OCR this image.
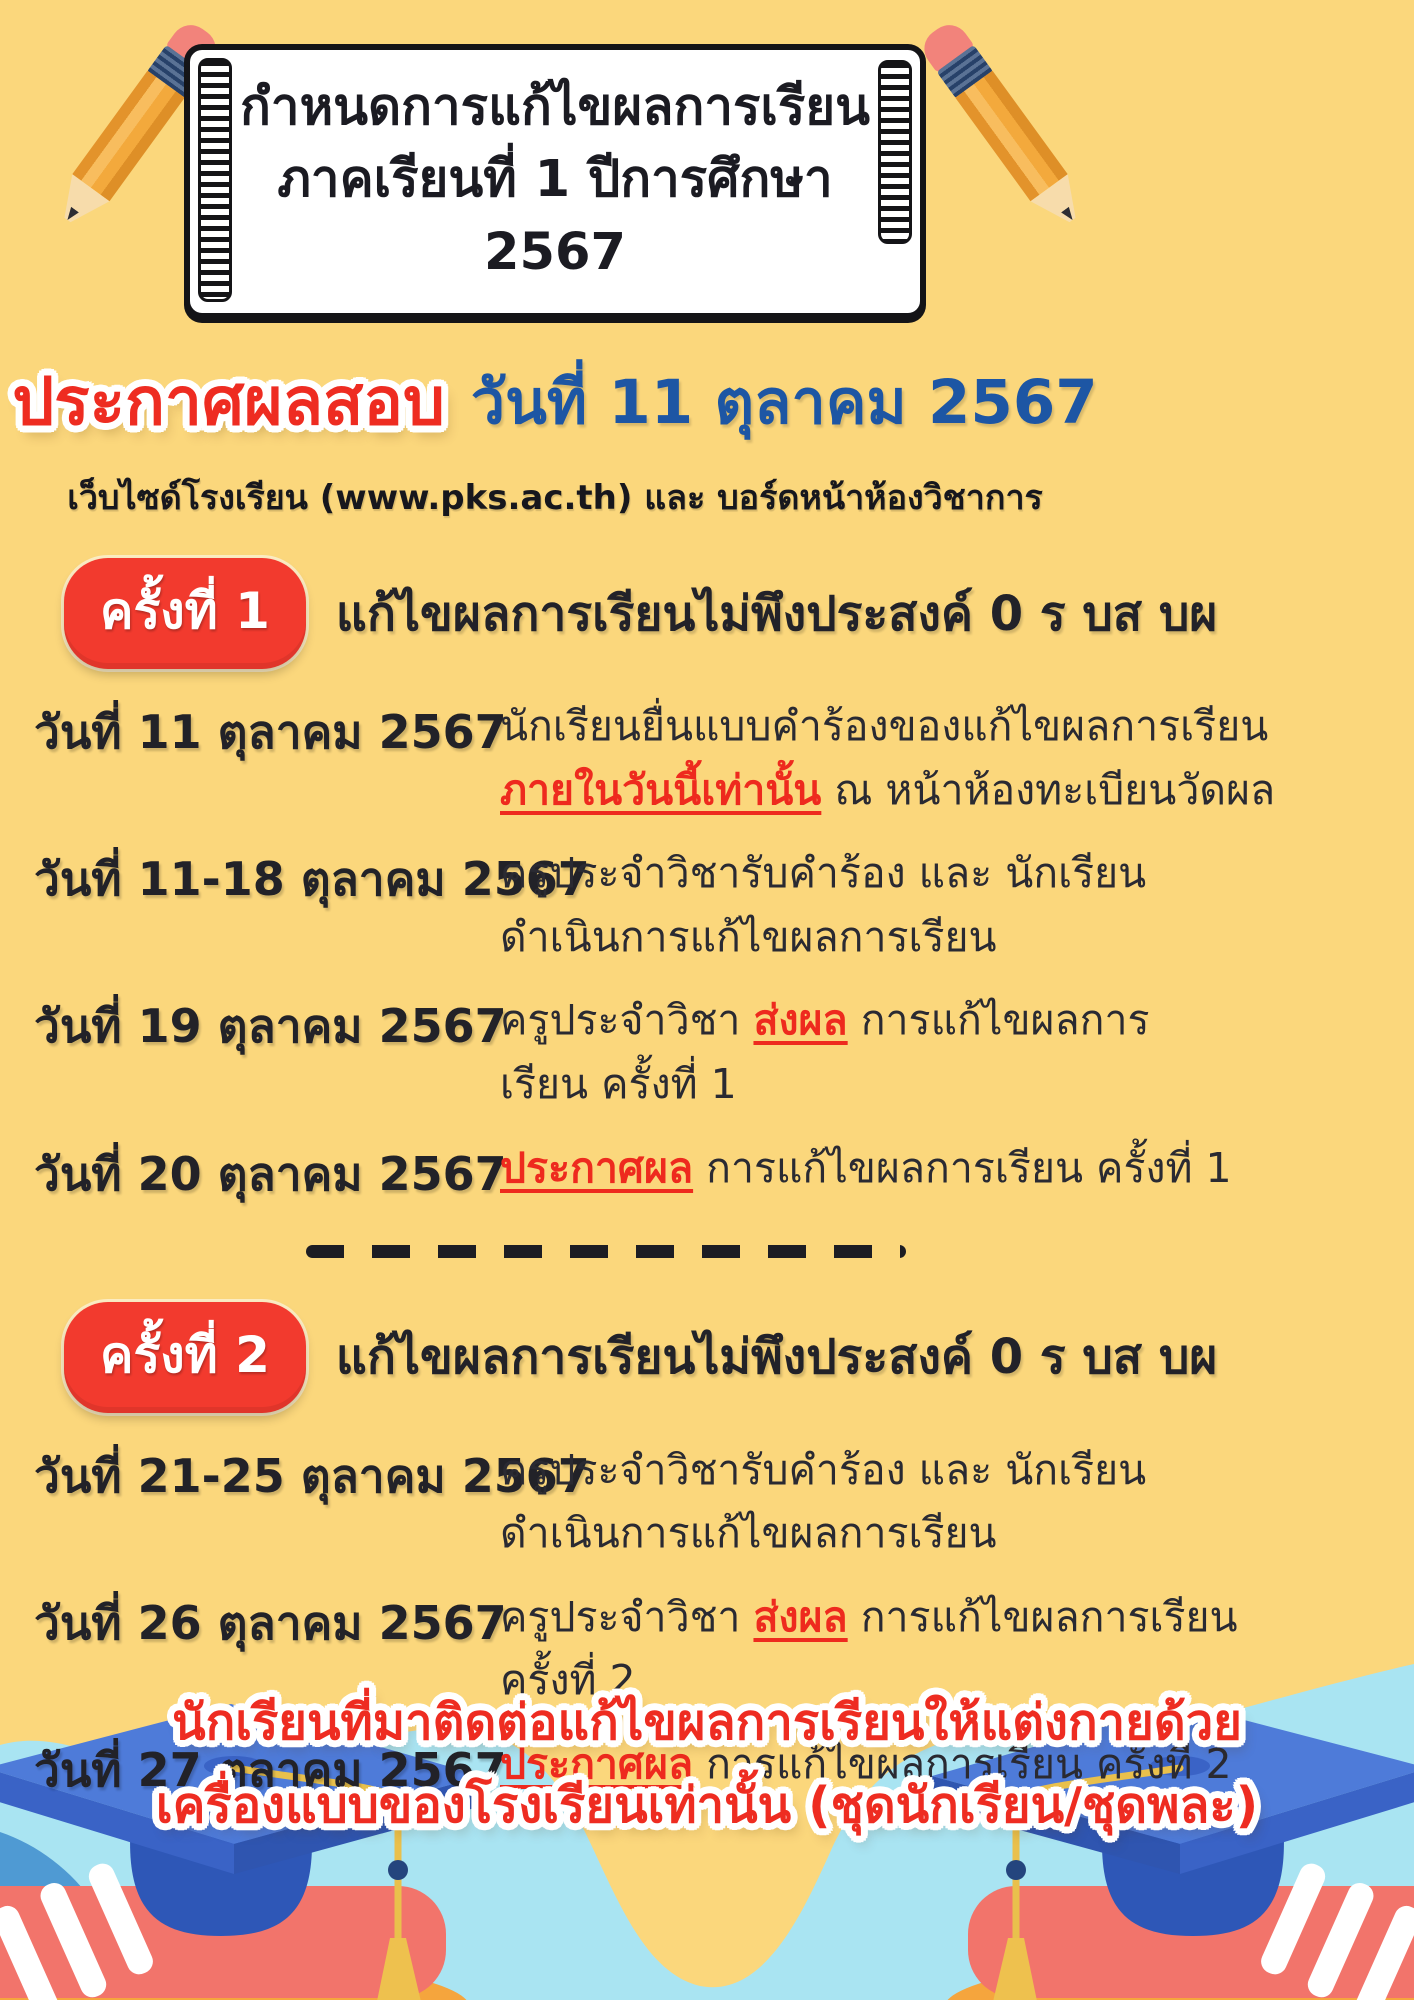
กำหนดการแก้ไขผลการเรียน
ภาคเรียนที่ 1 ปีการศึกษา 2567
ประกาศผลสอบ วันที่ 11 ตุลาคม 2567
เว็บไซด์โรงเรียน (www.pks.ac.th) และ บอร์ดหน้าห้องวิชาการ
ครั้งที่ 1	แก้ไขผลการเรียนไม่พึงประสงค์ 0 ร บส บผ
วันที่ 11 ตุลาคม 2567
นักเรียนยื่นแบบคำร้องของแก้ไขผลการเรียน
ภายในวันนี้เท่านั้น ณ หน้าห้องทะเบียนวัดผล
วันที่ 11-18 ตุลาคม 2567
ครูประจำวิชารับคำร้อง และ นักเรียน
ดำเนินการแก้ไขผลการเรียน
วันที่ 19 ตุลาคม 2567
ครูประจำวิชา ส่งผล การแก้ไขผลการ
เรียน ครั้งที่ 1
วันที่ 20 ตุลาคม 2567
ประกาศผล การแก้ไขผลการเรียน ครั้งที่ 1
ครั้งที่ 2	แก้ไขผลการเรียนไม่พึงประสงค์ 0 ร บส บผ
วันที่ 21-25 ตุลาคม 2567
ครูประจำวิชารับคำร้อง และ นักเรียน
ดำเนินการแก้ไขผลการเรียน
วันที่ 26 ตุลาคม 2567
ครูประจำวิชา ส่งผล การแก้ไขผลการเรียน
ครั้งที่ 2
วันที่ 27 ตุลาคม 2567
ประกาศผล การแก้ไขผลการเรียน ครั้งที่ 2

นักเรียนที่มาติดต่อแก้ไขผลการเรียนให้แต่งกายด้วย

เครื่องแบบของโรงเรียนเท่านั้น (ชุดนักเรียน/ชุดพละ)
